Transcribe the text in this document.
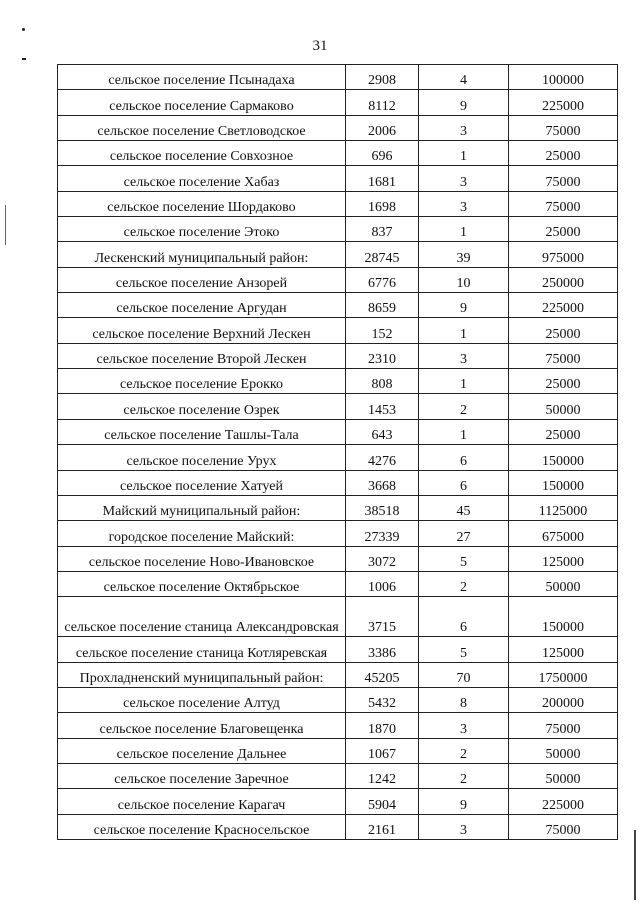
31
сельское поселение Псынадаха	2908	4	100000
сельское поселение Сармаково	8112	9	225000
сельское поселение Светловодское	2006	3	75000
сельское поселение Совхозное	696	1	25000
сельское поселение Хабаз	1681	3	75000
сельское поселение Шордаково	1698	3	75000
сельское поселение Этоко	837	1	25000
Лескенский муниципальный район:	28745	39	975000
сельское поселение Анзорей	6776	10	250000
сельское поселение Аргудан	8659	9	225000
сельское поселение Верхний Лескен	152	1	25000
сельское поселение Второй Лескен	2310	3	75000
сельское поселение Ерокко	808	1	25000
сельское поселение Озрек	1453	2	50000
сельское поселение Ташлы-Тала	643	1	25000
сельское поселение Урух	4276	6	150000
сельское поселение Хатуей	3668	6	150000
Майский муниципальный район:	38518	45	1125000
городское поселение Майский:	27339	27	675000
сельское поселение Ново-Ивановское	3072	5	125000
сельское поселение Октябрьское	1006	2	50000
сельское поселение станица Александровская	3715	6	150000
сельское поселение станица Котляревская	3386	5	125000
Прохладненский муниципальный район:	45205	70	1750000
сельское поселение Алтуд	5432	8	200000
сельское поселение Благовещенка	1870	3	75000
сельское поселение Дальнее	1067	2	50000
сельское поселение Заречное	1242	2	50000
сельское поселение Карагач	5904	9	225000
сельское поселение Красносельское	2161	3	75000
